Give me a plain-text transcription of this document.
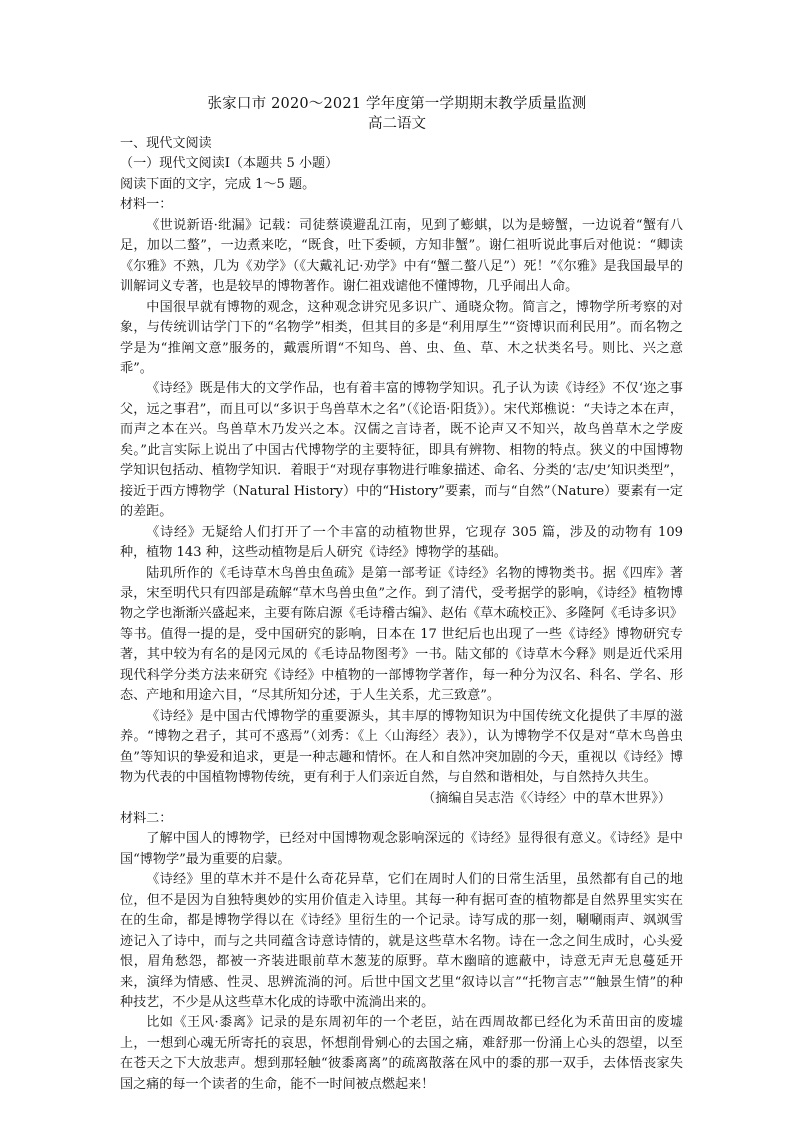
张家口市 2020～2021 学年度第一学期期末教学质量监测
高二语文

一、现代文阅读

（一）现代文阅读Ⅰ（本题共 5 小题）

阅读下面的文字，完成 1～5 题。

材料一：

《世说新语·纰漏》记载：司徒蔡谟避乱江南，见到了蟛蜞，以为是螃蟹，一边说着“蟹有八足，加以二螯”，一边煮来吃，“既食，吐下委顿，方知非蟹”。谢仁祖听说此事后对他说：“卿读《尔雅》不熟，几为《劝学》（《大戴礼记·劝学》中有“蟹二螯八足”）死！”《尔雅》是我国最早的训解词义专著，也是较早的博物著作。谢仁祖戏谑他不懂博物，几乎闹出人命。

中国很早就有博物的观念，这种观念讲究见多识广、通晓众物。简言之，博物学所考察的对象，与传统训诂学门下的“名物学”相类，但其目的多是“利用厚生”“资博识而利民用”。而名物之学是为“推阐文意”服务的，戴震所谓“不知鸟、兽、虫、鱼、草、木之状类名号。则比、兴之意乖”。

《诗经》既是伟大的文学作品，也有着丰富的博物学知识。孔子认为读《诗经》不仅‘迩之事父，远之事君”，而且可以“多识于鸟兽草木之名”（《论语·阳货》）。宋代郑樵说：“夫诗之本在声，而声之本在兴。鸟兽草木乃发兴之本。汉儒之言诗者，既不论声又不知兴，故鸟兽草木之学废矣。”此言实际上说出了中国古代博物学的主要特征，即具有辨物、相物的特点。狭义的中国博物学知识包括动、植物学知识．着眼于“对现存事物进行唯象描述、命名、分类的‘志/史’知识类型”，接近于西方博物学（Natural History）中的“History”要素，而与“自然”（Nature）要素有一定的差距。

《诗经》无疑给人们打开了一个丰富的动植物世界，它现存 305 篇，涉及的动物有 109 种，植物 143 种，这些动植物是后人研究《诗经》博物学的基础。

陆玑所作的《毛诗草木鸟兽虫鱼疏》是第一部考证《诗经》名物的博物类书。据《四库》著录，宋至明代只有四部是疏解“草木鸟兽虫鱼”之作。到了清代，受考据学的影响，《诗经》植物博物之学也渐渐兴盛起来，主要有陈启源《毛诗稽古编》、赵佑《草木疏校正》、多隆阿《毛诗多识》等书。值得一提的是，受中国研究的影响，日本在 17 世纪后也出现了一些《诗经》博物研究专著，其中较为有名的是冈元凤的《毛诗品物图考》一书。陆文郁的《诗草木今释》则是近代采用现代科学分类方法来研究《诗经》中植物的一部博物学著作，每一种分为汉名、科名、学名、形态、产地和用途六目，“尽其所知分述，于人生关系，尤三致意”。

《诗经》是中国古代博物学的重要源头，其丰厚的博物知识为中国传统文化提供了丰厚的滋养。“博物之君子，其可不惑焉”（刘秀：《上〈山海经〉表》），认为博物学不仅是对“草木鸟兽虫鱼”等知识的挚爱和追求，更是一种志趣和情怀。在人和自然冲突加剧的今天，重视以《诗经》博物为代表的中国植物博物传统，更有利于人们亲近自然，与自然和谐相处，与自然持久共生。

（摘编自吴志浩《〈诗经〉中的草木世界》）

材料二：

了解中国人的博物学，已经对中国博物观念影响深远的《诗经》显得很有意义。《诗经》是中国“博物学”最为重要的启蒙。

《诗经》里的草木并不是什么奇花异草，它们在周时人们的日常生活里，虽然都有自己的地位，但不是因为自独特奥妙的实用价值走入诗里。其每一种有据可查的植物都是自然界里实实在在的生命，都是博物学得以在《诗经》里衍生的一个记录。诗写成的那一刻，唰唰雨声、飒飒雪迹记入了诗中，而与之共同蕴含诗意诗情的，就是这些草木名物。诗在一念之间生成时，心头爱恨，眉角愁怨，都被一齐装进眼前草木葱茏的原野。草木幽暗的遮蔽中，诗意无声无息蔓延开来，演绎为情感、性灵、思辨流淌的河。后世中国文艺里“叙诗以言”“托物言志”“触景生情”的种种技艺，不少是从这些草木化成的诗歌中流淌出来的。

比如《王风·黍离》记录的是东周初年的一个老臣，站在西周故都已经化为禾苗田亩的废墟上，一想到心魂无所寄托的哀思，怀想削骨剜心的去国之痛，难舒那一份涌上心头的怨望，以至在苍天之下大放悲声。想到那轻触“彼黍离离”的疏离散落在风中的黍的那一双手，去体悟丧家失国之痛的每一个读者的生命，能不一时间被点燃起来！
